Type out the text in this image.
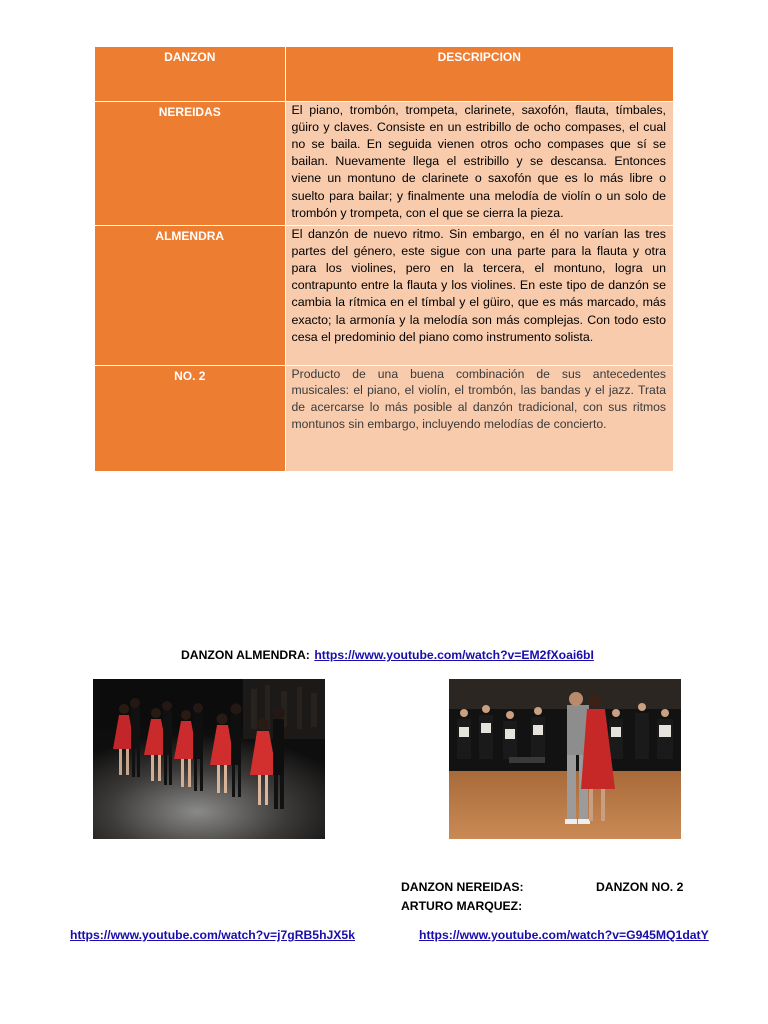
DANZON	DESCRIPCION
NEREIDAS	El piano, trombón, trompeta, clarinete, saxofón, flauta, tímbales, güiro y claves. Consiste en un estribillo de ocho compases, el cual no se baila. En seguida vienen otros ocho compases que sí se bailan. Nuevamente llega el estribillo y se descansa. Entonces viene un montuno de clarinete o saxofón que es lo más libre o suelto para bailar; y finalmente una melodía de violín o un solo de trombón y trompeta, con el que se cierra la pieza.
ALMENDRA	El danzón de nuevo ritmo. Sin embargo, en él no varían las tres partes del género, este sigue con una parte para la flauta y otra para los violines, pero en la tercera, el montuno, logra un contrapunto entre la flauta y los violines. En este tipo de danzón se cambia la rítmica en el tímbal y el güiro, que es más marcado, más exacto; la armonía y la melodía son más complejas. Con todo esto cesa el predominio del piano como instrumento solista.
NO. 2	Producto de una buena combinación de sus antecedentes musicales: el piano, el violín, el trombón, las bandas y el jazz. Trata de acercarse lo más posible al danzón tradicional, con sus ritmos montunos sin embargo, incluyendo melodías de concierto.
DANZON ALMENDRA: https://www.youtube.com/watch?v=EM2fXoai6bI
DANZON NEREIDAS:
ARTURO MARQUEZ:
DANZON NO. 2
https://www.youtube.com/watch?v=j7gRB5hJX5k	https://www.youtube.com/watch?v=G945MQ1datY
